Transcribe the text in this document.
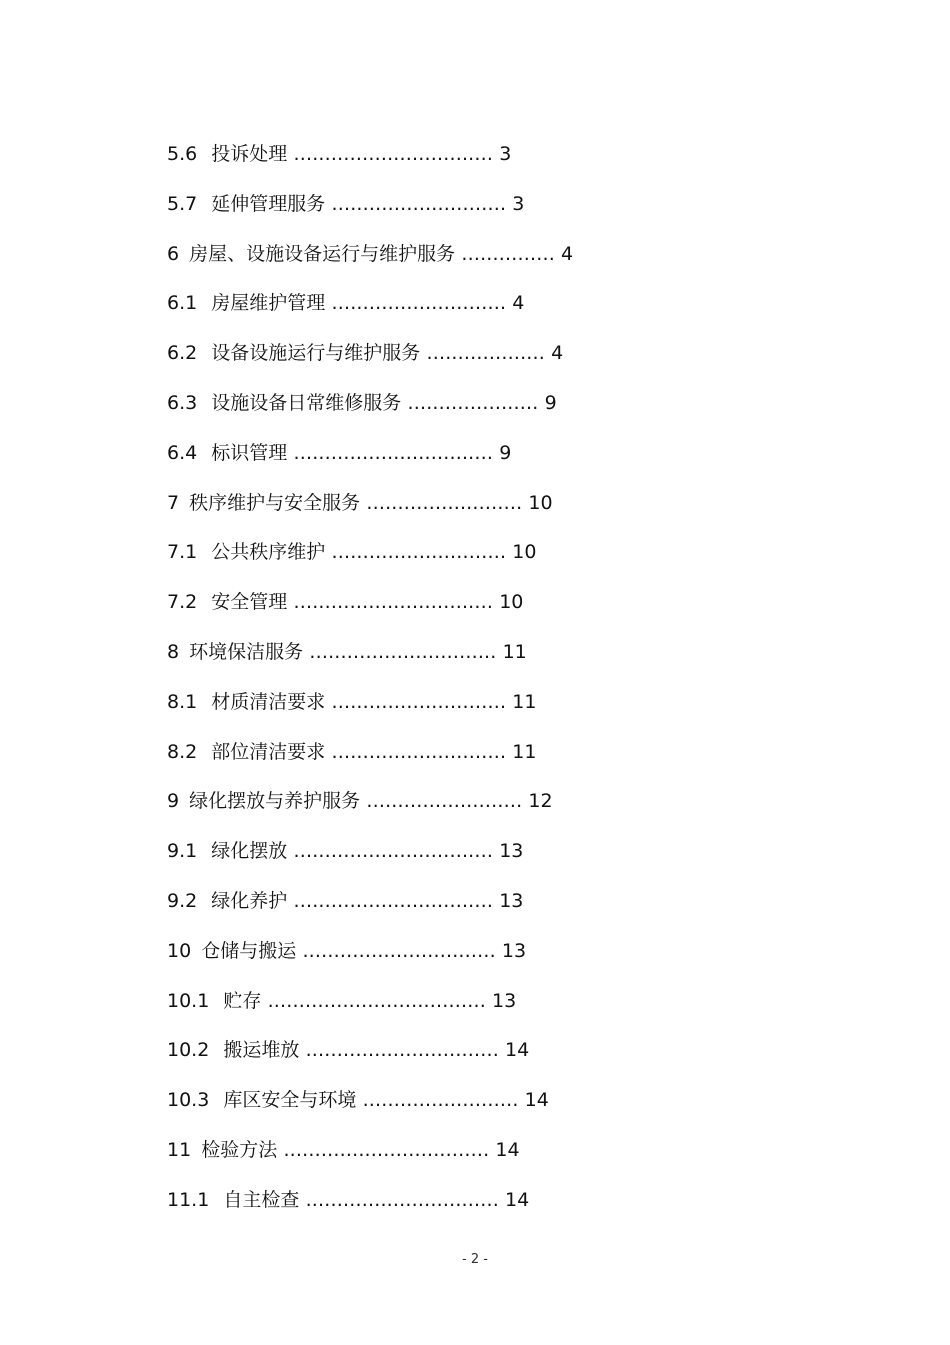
5.6 投诉处理 ................................ 3
5.7 延伸管理服务 ............................ 3
6 房屋、设施设备运行与维护服务 ............... 4
6.1 房屋维护管理 ............................ 4
6.2 设备设施运行与维护服务 ................... 4
6.3 设施设备日常维修服务 ..................... 9
6.4 标识管理 ................................ 9
7 秩序维护与安全服务 ......................... 10
7.1 公共秩序维护 ............................ 10
7.2 安全管理 ................................ 10
8 环境保洁服务 .............................. 11
8.1 材质清洁要求 ............................ 11
8.2 部位清洁要求 ............................ 11
9 绿化摆放与养护服务 ......................... 12
9.1 绿化摆放 ................................ 13
9.2 绿化养护 ................................ 13
10 仓储与搬运 ............................... 13
10.1 贮存 ................................... 13
10.2 搬运堆放 ............................... 14
10.3 库区安全与环境 ......................... 14
11 检验方法 ................................. 14
11.1 自主检查 ............................... 14
- 2 -
